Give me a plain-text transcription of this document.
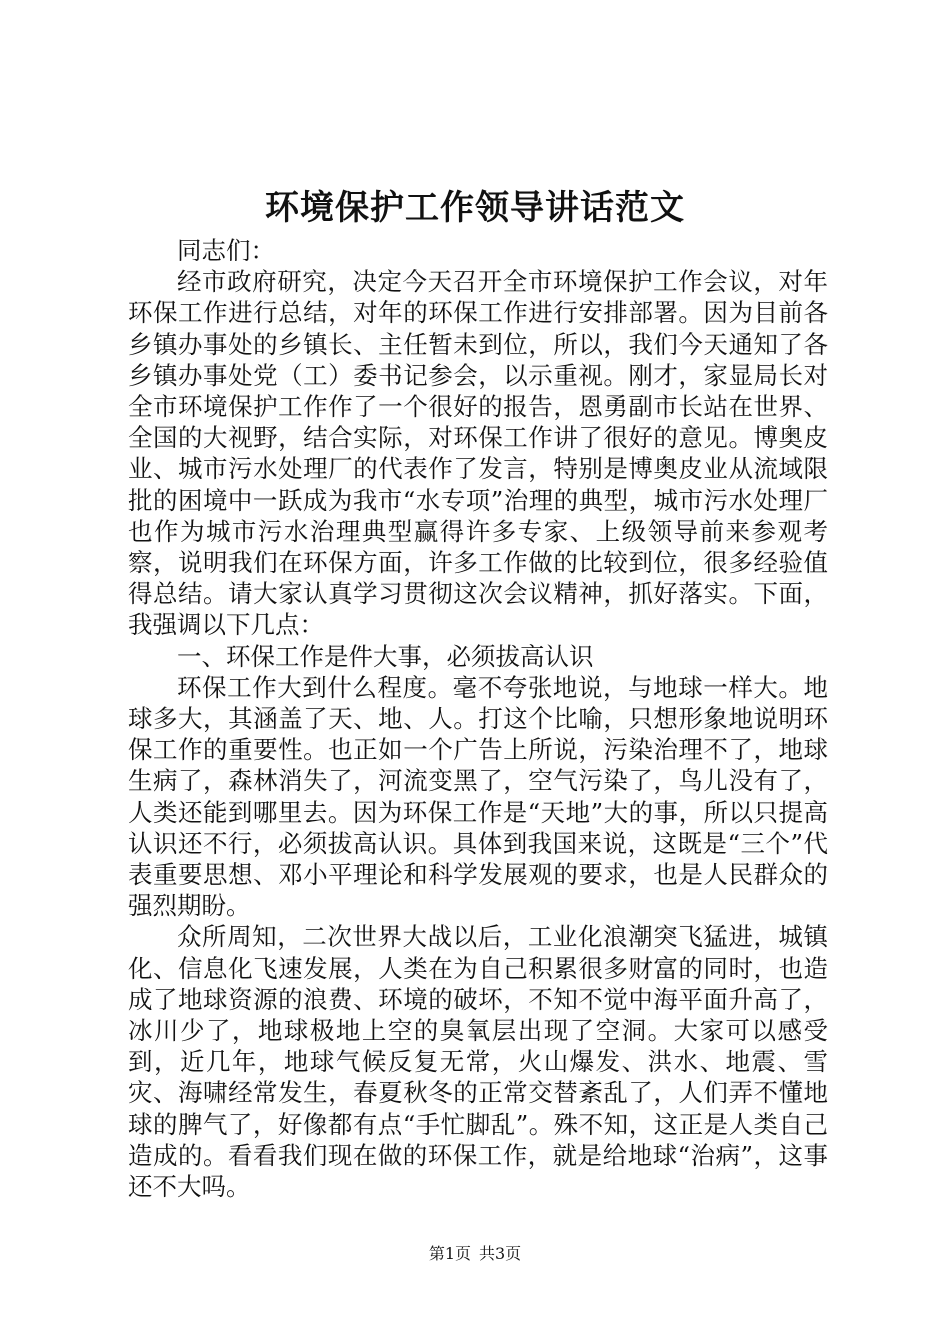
环境保护工作领导讲话范文

同志们：

经市政府研究，决定今天召开全市环境保护工作会议，对年环保工作进行总结，对年的环保工作进行安排部署。因为目前各乡镇办事处的乡镇长、主任暂未到位，所以，我们今天通知了各乡镇办事处党（工）委书记参会，以示重视。刚才，家显局长对全市环境保护工作作了一个很好的报告，恩勇副市长站在世界、全国的大视野，结合实际，对环保工作讲了很好的意见。博奥皮业、城市污水处理厂的代表作了发言，特别是博奥皮业从流域限批的困境中一跃成为我市“水专项”治理的典型，城市污水处理厂也作为城市污水治理典型赢得许多专家、上级领导前来参观考察，说明我们在环保方面，许多工作做的比较到位，很多经验值得总结。请大家认真学习贯彻这次会议精神，抓好落实。下面，我强调以下几点：

一、环保工作是件大事，必须拔高认识

环保工作大到什么程度。毫不夸张地说，与地球一样大。地球多大，其涵盖了天、地、人。打这个比喻，只想形象地说明环保工作的重要性。也正如一个广告上所说，污染治理不了，地球生病了，森林消失了，河流变黑了，空气污染了，鸟儿没有了，人类还能到哪里去。因为环保工作是“天地”大的事，所以只提高认识还不行，必须拔高认识。具体到我国来说，这既是“三个”代表重要思想、邓小平理论和科学发展观的要求，也是人民群众的强烈期盼。

众所周知，二次世界大战以后，工业化浪潮突飞猛进，城镇化、信息化飞速发展，人类在为自己积累很多财富的同时，也造成了地球资源的浪费、环境的破坏，不知不觉中海平面升高了，冰川少了，地球极地上空的臭氧层出现了空洞。大家可以感受到，近几年，地球气候反复无常，火山爆发、洪水、地震、雪灾、海啸经常发生，春夏秋冬的正常交替紊乱了，人们弄不懂地球的脾气了，好像都有点“手忙脚乱”。殊不知，这正是人类自己造成的。看看我们现在做的环保工作，就是给地球“治病”，这事还不大吗。

第1页 共3页
